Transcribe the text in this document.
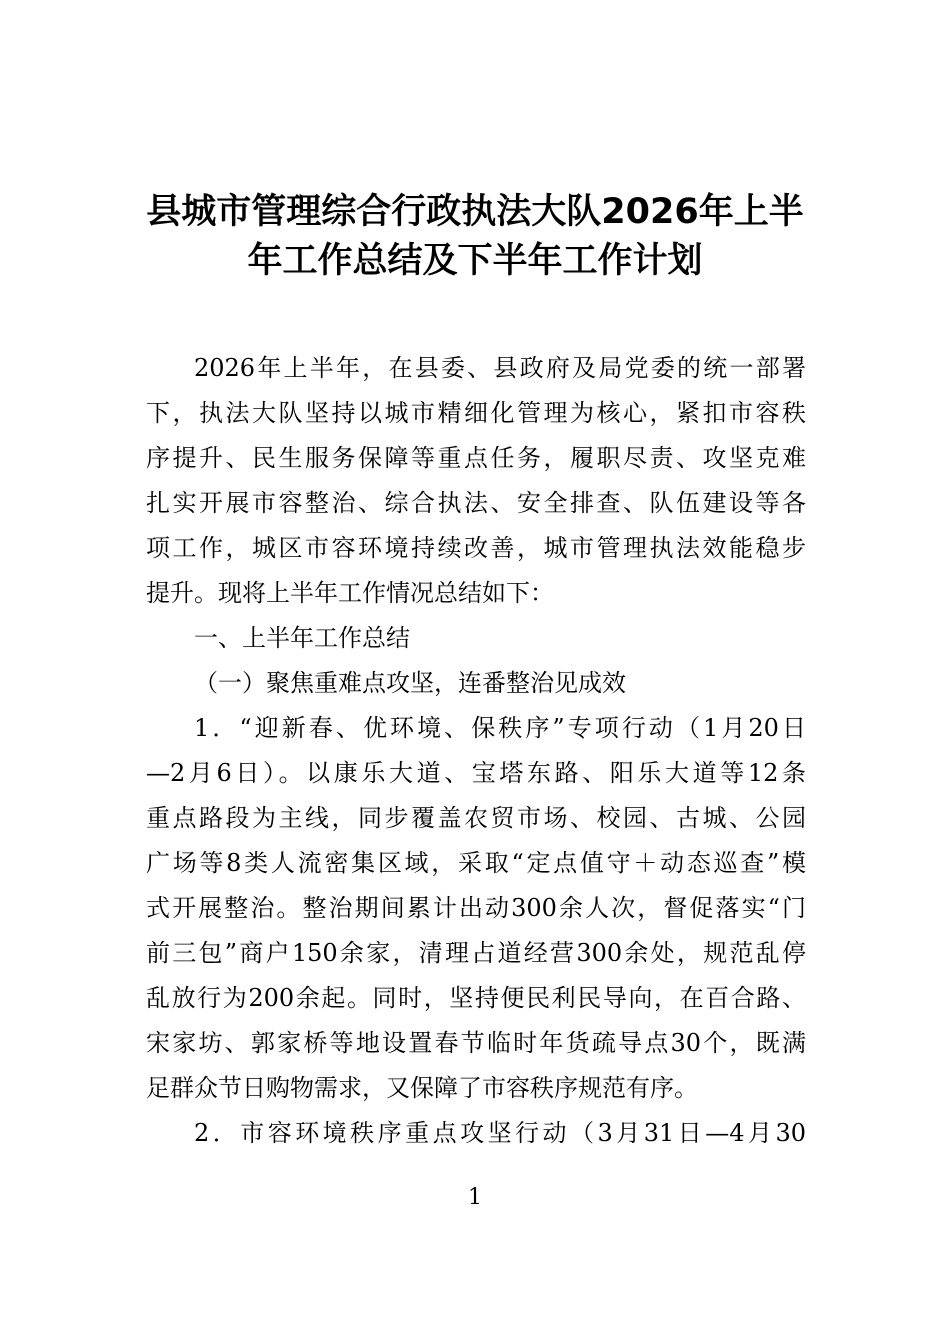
县城市管理综合行政执法大队2026年上半
2026年上半年，在县委、县政府及局党委的统一部署
下，执法大队坚持以城市精细化管理为核心，紧扣市容秩
序提升、民生服务保障等重点任务，履职尽责、攻坚克难
扎实开展市容整治、综合执法、安全排查、队伍建设等各
项工作，城区市容环境持续改善，城市管理执法效能稳步
提升。现将上半年工作情况总结如下：
一、上半年工作总结
（一）聚焦重难点攻坚，连番整治见成效
1．“迎新春、优环境、保秩序”专项行动（1月20日
—2月6日）。以康乐大道、宝塔东路、阳乐大道等12条
重点路段为主线，同步覆盖农贸市场、校园、古城、公园
广场等8类人流密集区域，采取“定点值守＋动态巡查”模
式开展整治。整治期间累计出动300余人次，督促落实“门
前三包”商户150余家，清理占道经营300余处，规范乱停
乱放行为200余起。同时，坚持便民利民导向，在百合路、
宋家坊、郭家桥等地设置春节临时年货疏导点30个，既满
足群众节日购物需求，又保障了市容秩序规范有序。
2．市容环境秩序重点攻坚行动（3月31日—4月30
1
年工作总结及下半年工作计划
